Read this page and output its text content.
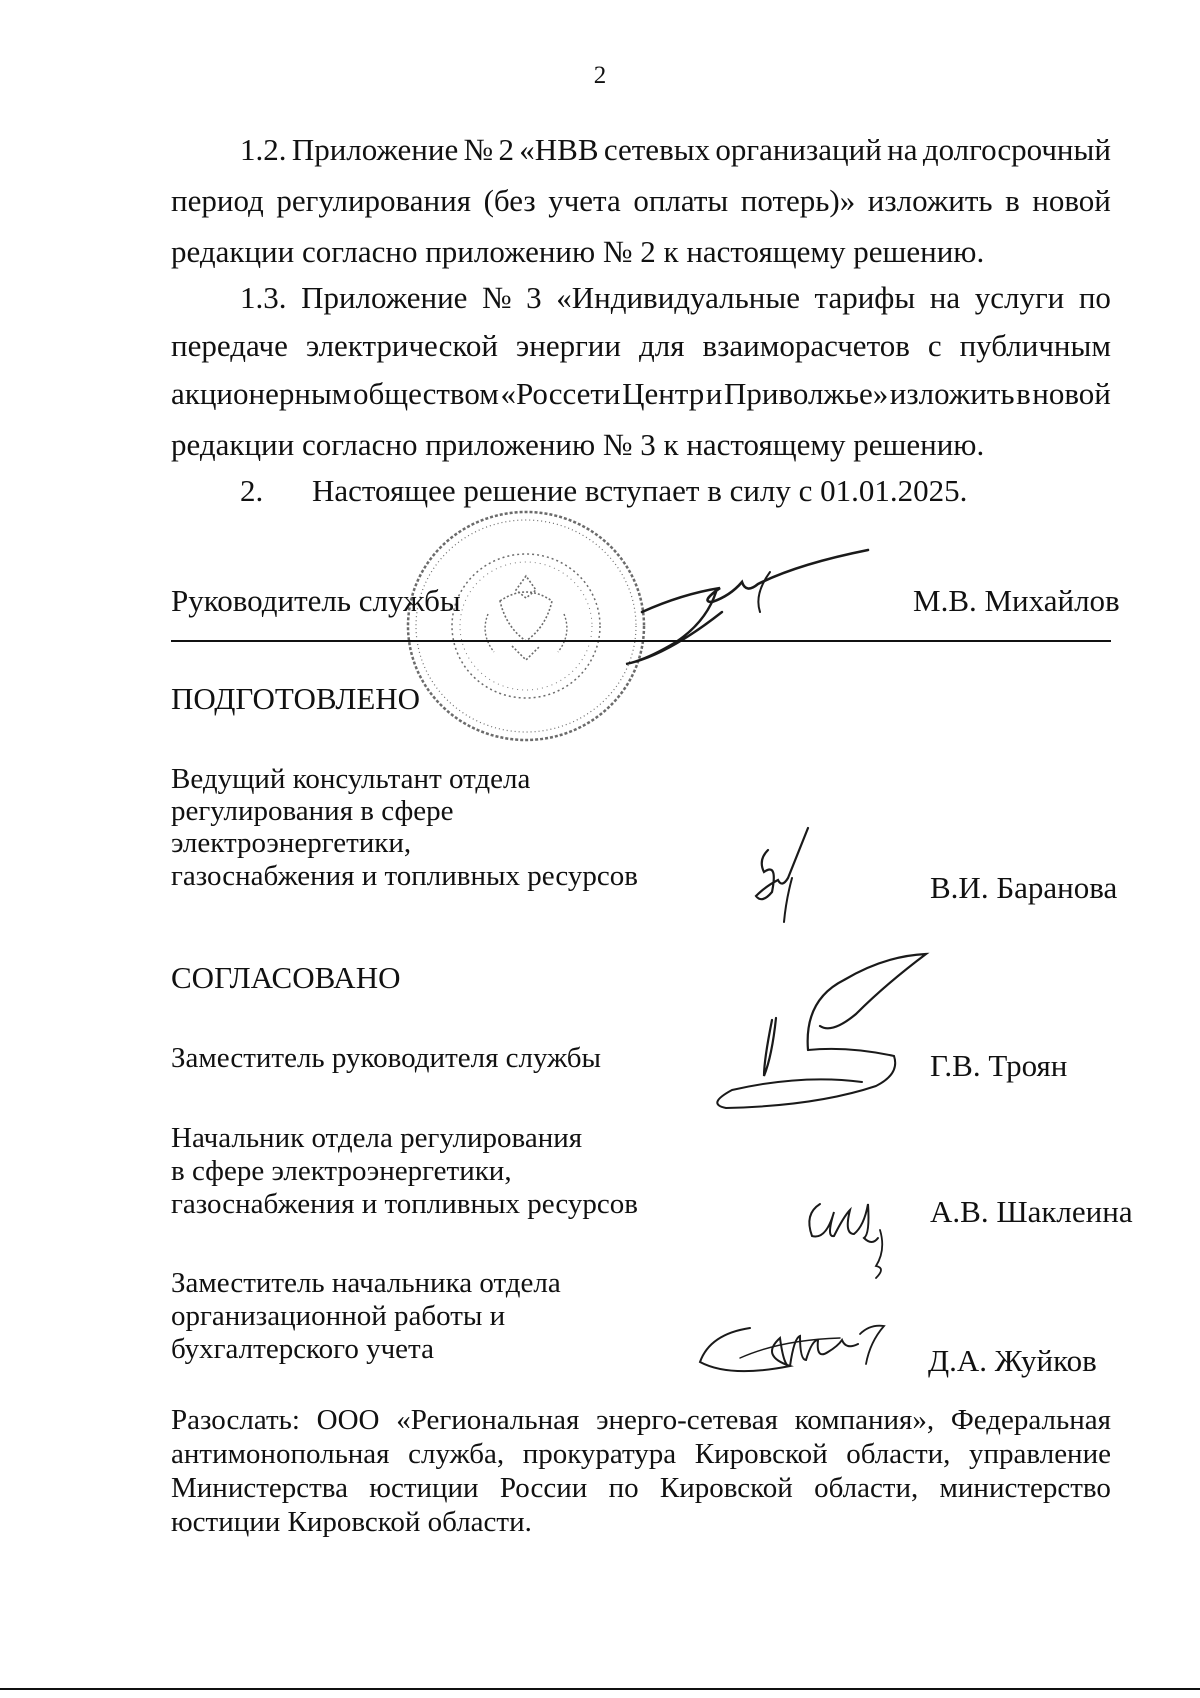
2
1.2. Приложение № 2 «НВВ сетевых организаций на долгосрочный
период регулирования (без учета оплаты потерь)» изложить в новой
редакции согласно приложению № 2 к настоящему решению.
1.3. Приложение № 3 «Индивидуальные тарифы на услуги по
передаче электрической энергии для взаиморасчетов с публичным
акционерным обществом «Россети Центр и Приволжье» изложить в новой
редакции согласно приложению № 3 к настоящему решению.
2. Настоящее решение вступает в силу с 01.01.2025.
Руководитель службы	М.В. Михайлов
ПОДГОТОВЛЕНО
Ведущий консультант отдела
регулирования в сфере
электроэнергетики,
газоснабжения и топливных ресурсов	В.И. Баранова
СОГЛАСОВАНО
Заместитель руководителя службы	Г.В. Троян
Начальник отдела регулирования
в сфере электроэнергетики,
газоснабжения и топливных ресурсов	А.В. Шаклеина
Заместитель начальника отдела
организационной работы и
бухгалтерского учета	Д.А. Жуйков
Разослать: ООО «Региональная энерго-сетевая компания», Федеральная
антимонопольная служба, прокуратура Кировской области, управление
Министерства юстиции России по Кировской области, министерство
юстиции Кировской области.
